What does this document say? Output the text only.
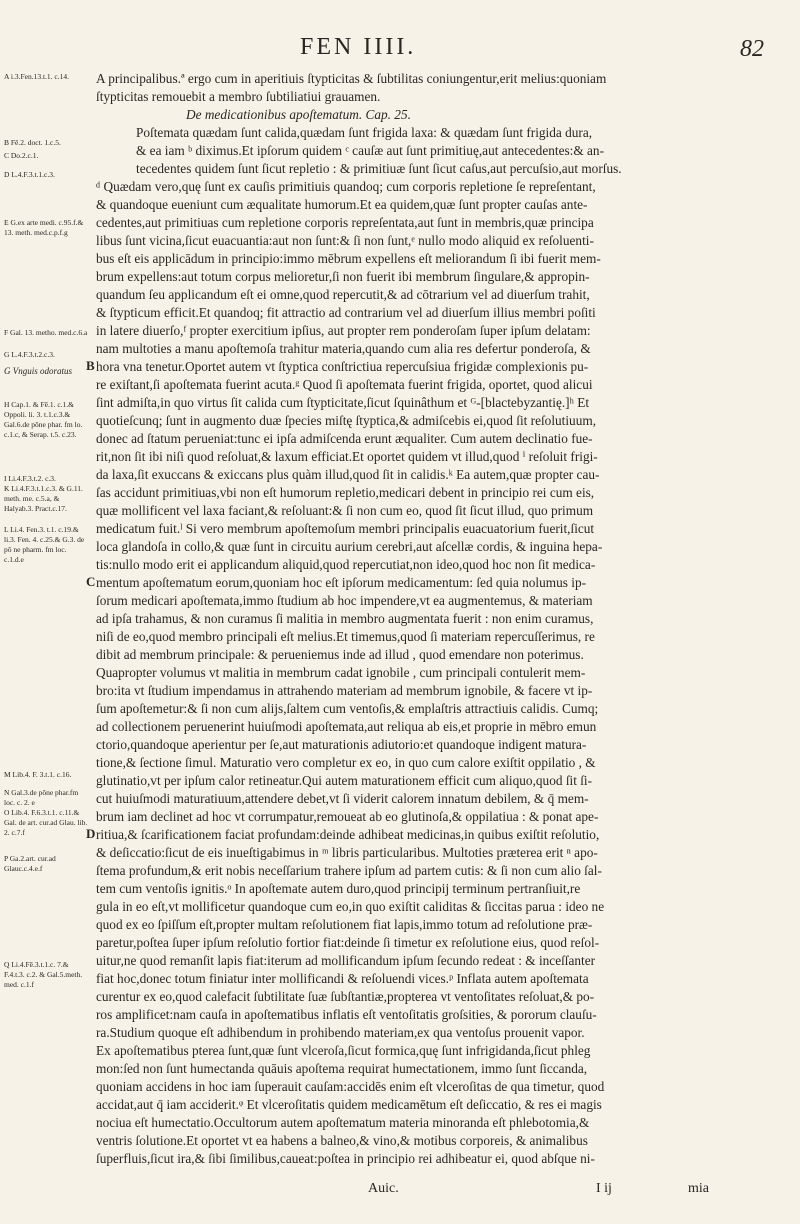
FEN IIII.	82
A i.3.Fen.13.t.1. c.14.
B Fē.2. doct. 1.c.5.
C Do.2.c.1.
D L.4.F.3.t.1.c.3.
E G.ex arte medi. c.95.f.& 13. meth. med.c.p.f.g
F Gal. 13. metho. med.c.6.a
G L.4.F.3.t.2.c.3.
G Vnguis odoratus
H Cap.1. & Fē.1. c.1.& Oppoli. li. 3. t.1.c.3.& Gal.6.de pōne phar. fm lo. c.1.c, & Serap. t.5. c.23.
I Li.4.F.3.t.2. c.3.
K Li.4.F.3.t.1.c.3. & G.11. meth. me. c.5.a, & Halyab.3. Pract.c.17.
L Li.4. Fen.3. t.1. c.19.& li.3. Fen. 4. c.25.& G.3. de pō ne pharm. fm loc. c.1.d.e
M Lib.4. F. 3.t.1. c.16.
N Gal.3.de pōne phar.fm loc. c. 2. e
O Lib.4. F.6.3.t.1. c.11.& Gal. de art. cur.ad Glau. lib. 2. c.7.f
P Ga.2.art. cur.ad Glauc.c.4.e.f
Q Li.4.Fē.3.t.1.c. 7.& F.4.t.3. c.2. & Gal.5.meth. med. c.1.f
B
C
D
A principalibus.ª ergo cum in aperitiuis ſtypticitas & ſubtilitas coniungentur,erit melius:quoniam
ſtypticitas remouebit a membro ſubtiliatiui grauamen.
De medicationibus apoſtematum. Cap. 25.
Poſtemata quædam ſunt calida,quædam ſunt frigida laxa: & quædam ſunt frigida dura,
& ea iam ᵇ diximus.Et ipſorum quidem ᶜ cauſæ aut ſunt primitiuę,aut antecedentes:& an-
tecedentes quidem ſunt ſicut repletio : & primitiuæ ſunt ſicut caſus,aut percuſsio,aut morſus.
ᵈ Quædam vero,quę ſunt ex cauſis primitiuis quandoq; cum corporis repletione ſe repreſentant,
& quandoque eueniunt cum æqualitate humorum.Et ea quidem,quæ ſunt propter cauſas ante-
cedentes,aut primitiuas cum repletione corporis repreſentata,aut ſunt in membris,quæ principa
libus ſunt vicina,ſicut euacuantia:aut non ſunt:& ſi non ſunt,ᵉ nullo modo aliquid ex reſoluenti-
bus eſt eis applicādum in principio:immo mēbrum expellens eſt meliorandum ſi ibi fuerit mem-
brum expellens:aut totum corpus melioretur,ſi non fuerit ibi membrum ſingulare,& appropin-
quandum ſeu applicandum eſt ei omne,quod repercutit,& ad cōtrarium vel ad diuerſum trahit,
& ſtypticum efficit.Et quandoq; fit attractio ad contrarium vel ad diuerſum illius membri poſiti
in latere diuerſo,ᶠ propter exercitium ipſius, aut propter rem ponderoſam ſuper ipſum delatam:
nam multoties a manu apoſtemoſa trahitur materia,quando cum alia res defertur ponderoſa, &
hora vna tenetur.Oportet autem vt ſtyptica conſtrictiua repercuſsiua frigidæ complexionis pu-
re exiſtant,ſi apoſtemata fuerint acuta.ᵍ Quod ſi apoſtemata fuerint frigida, oportet, quod alicui
ſint admiſta,in quo virtus ſit calida cum ſtypticitate,ſicut ſquinâthum et ᴳ-[blactebyzantię.]ʰ Et
quotieſcunq; ſunt in augmento duæ ſpecies miſtę ſtyptica,& admiſcebis ei,quod ſit reſolutiuum,
donec ad ſtatum perueniat:tunc ei ipſa admiſcenda erunt æqualiter. Cum autem declinatio fue-
rit,non ſit ibi niſi quod reſoluat,& laxum efficiat.Et oportet quidem vt illud,quod ⁱ reſoluit frigi-
da laxa,ſit exuccans & exiccans plus quàm illud,quod ſit in calidis.ᵏ Ea autem,quæ propter cau-
ſas accidunt primitiuas,vbi non eſt humorum repletio,medicari debent in principio rei cum eis,
quæ mollificent vel laxa faciant,& reſoluant:& ſi non cum eo, quod ſit ſicut illud, quo primum
medicatum fuit.ˡ Si vero membrum apoſtemoſum membri principalis euacuatorium fuerit,ſicut
loca glandoſa in collo,& quæ ſunt in circuitu aurium cerebri,aut aſcellæ cordis, & inguina hepa-
tis:nullo modo erit ei applicandum aliquid,quod repercutiat,non ideo,quod hoc non ſit medica-
mentum apoſtematum eorum,quoniam hoc eſt ipſorum medicamentum: ſed quia nolumus ip-
ſorum medicari apoſtemata,immo ſtudium ab hoc impendere,vt ea augmentemus, & materiam
ad ipſa trahamus, & non curamus ſi malitia in membro augmentata fuerit : non enim curamus,
niſi de eo,quod membro principali eſt melius.Et timemus,quod ſi materiam repercuſſerimus, re
dibit ad membrum principale: & perueniemus inde ad illud , quod emendare non poterimus.
Quapropter volumus vt malitia in membrum cadat ignobile , cum principali contulerit mem-
bro:ita vt ſtudium impendamus in attrahendo materiam ad membrum ignobile, & facere vt ip-
ſum apoſtemetur:& ſi non cum alijs,ſaltem cum ventoſis,& emplaſtris attractiuis calidis. Cumq;
ad collectionem peruenerint huiuſmodi apoſtemata,aut reliqua ab eis,et proprie in mēbro emun
ctorio,quandoque aperientur per ſe,aut maturationis adiutorio:et quandoque indigent matura-
tione,& ſectione ſimul. Maturatio vero completur ex eo, in quo cum calore exiſtit oppilatio , &
glutinatio,vt per ipſum calor retineatur.Qui autem maturationem efficit cum aliquo,quod ſit ſi-
cut huiuſmodi maturatiuum,attendere debet,vt ſi viderit calorem innatum debilem, & q̄ mem-
brum iam declinet ad hoc vt corrumpatur,remoueat ab eo glutinoſa,& oppilatiua : & ponat ape-
ritiua,& ſcarificationem faciat profundam:deinde adhibeat medicinas,in quibus exiſtit reſolutio,
& deſiccatio:ſicut de eis inueſtigabimus in ᵐ libris particularibus. Multoties præterea erit ⁿ apo-
ſtema profundum,& erit nobis neceſſarium trahere ipſum ad partem cutis: & ſi non cum alio ſal-
tem cum ventoſis ignitis.ᵒ In apoſtemate autem duro,quod principij terminum pertranſiuit,re
gula in eo eſt,vt mollificetur quandoque cum eo,in quo exiſtit caliditas & ſiccitas parua : ideo ne
quod ex eo ſpiſſum eſt,propter multam reſolutionem fiat lapis,immo totum ad reſolutione præ-
paretur,poſtea ſuper ipſum reſolutio fortior fiat:deinde ſi timetur ex reſolutione eius, quod reſol-
uitur,ne quod remanſit lapis fiat:iterum ad mollificandum ipſum ſecundo redeat : & inceſſanter
fiat hoc,donec totum finiatur inter mollificandi & reſoluendi vices.ᵖ Inflata autem apoſtemata
curentur ex eo,quod calefacit ſubtilitate ſuæ ſubſtantiæ,propterea vt ventoſitates reſoluat,& po-
ros amplificet:nam cauſa in apoſtematibus inflatis eſt ventoſitatis groſsities, & pororum clauſu-
ra.Studium quoque eſt adhibendum in prohibendo materiam,ex qua ventoſus prouenit vapor.
Ex apoſtematibus pterea ſunt,quæ ſunt vlceroſa,ſicut formica,quę ſunt infrigidanda,ſicut phleg
mon:ſed non ſunt humectanda quāuis apoſtema requirat humectationem, immo ſunt ſiccanda,
quoniam accidens in hoc iam ſuperauit cauſam:accidēs enim eſt vlceroſitas de qua timetur, quod
accidat,aut q̄ iam acciderit.ᵠ Et vlceroſitatis quidem medicamētum eſt deſiccatio, & res ei magis
nociua eſt humectatio.Occultorum autem apoſtematum materia minoranda eſt phlebotomia,&
ventris ſolutione.Et oportet vt ea habens a balneo,& vino,& motibus corporeis, & animalibus
ſuperfluis,ſicut ira,& ſibi ſimilibus,caueat:poſtea in principio rei adhibeatur ei, quod abſque ni-
Auic.	I ij	mia
